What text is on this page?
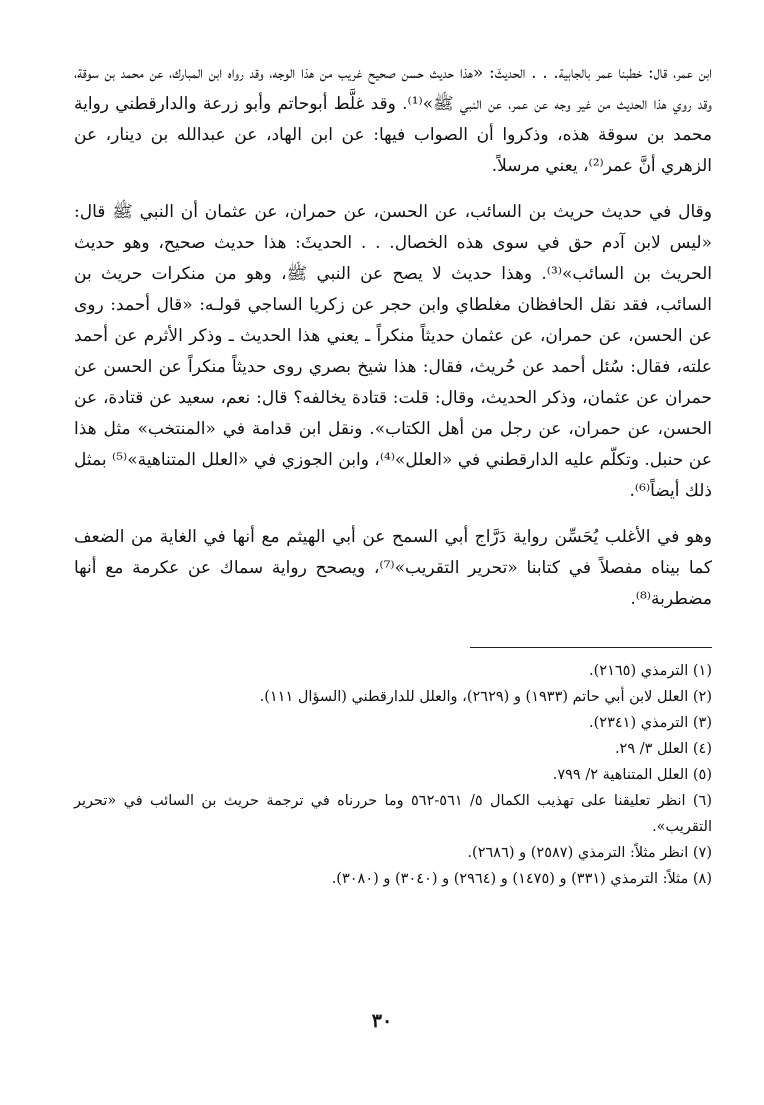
ابن عمر، قال: خطبنا عمر بالجابية. . . الحديثَ: «هذا حديث حسن صحيح غريب من هذا الوجه، وقد رواه ابن المبارك، عن محمد بن سوقة، وقد روي هذا الحديث من غير وجه عن عمر، عن النبي ﷺ»⁽¹⁾. وقد غلَّط أبوحاتم وأبو زرعة والدارقطني رواية محمد بن سوقة هذه، وذكروا أن الصواب فيها: عن ابن الهاد، عن عبدالله بن دينار، عن الزهري أنَّ عمر⁽²⁾، يعني مرسلاً.

وقال في حديث حريث بن السائب، عن الحسن، عن حمران، عن عثمان أن النبي ﷺ قال: «ليس لابن آدم حق في سوى هذه الخصال. . . الحديثَ: هذا حديث صحيح، وهو حديث الحريث بن السائب»⁽³⁾. وهذا حديث لا يصح عن النبي ﷺ، وهو من منكرات حريث بن السائب، فقد نقل الحافظان مغلطاي وابن حجر عن زكريا الساجي قولـه: «قال أحمد: روى عن الحسن، عن حمران، عن عثمان حديثاً منكراً ـ يعني هذا الحديث ـ وذكر الأثرم عن أحمد علته، فقال: سُئل أحمد عن حُريث، فقال: هذا شيخ بصري روى حديثاً منكراً عن الحسن عن حمران عن عثمان، وذكر الحديث، وقال: قلت: قتادة يخالفه؟ قال: نعم، سعيد عن قتادة، عن الحسن، عن حمران، عن رجل من أهل الكتاب». ونقل ابن قدامة في «المنتخب» مثل هذا عن حنبل. وتكلّم عليه الدارقطني في «العلل»⁽⁴⁾، وابن الجوزي في «العلل المتناهية»⁽⁵⁾ بمثل ذلك أيضاً⁽⁶⁾.

وهو في الأغلب يُحَسِّن رواية دَرَّاج أبي السمح عن أبي الهيثم مع أنها في الغاية من الضعف كما بيناه مفصلاً في كتابنا «تحرير التقريب»⁽⁷⁾، ويصحح رواية سماك عن عكرمة مع أنها مضطربة⁽⁸⁾.

(١) الترمذي (٢١٦٥).
(٢) العلل لابن أبي حاتم (١٩٣٣) و (٢٦٢٩)، والعلل للدارقطني (السؤال ١١١).
(٣) الترمذي (٢٣٤١).
(٤) العلل ٣/ ٢٩.
(٥) العلل المتناهية ٢/ ٧٩٩.
(٦) انظر تعليقنا على تهذيب الكمال ٥/ ٥٦١-٥٦٢ وما حررناه في ترجمة حريث بن السائب في «تحرير التقريب».
(٧) انظر مثلاً: الترمذي (٢٥٨٧) و (٢٦٨٦).
(٨) مثلاً: الترمذي (٣٣١) و (١٤٧٥) و (٢٩٦٤) و (٣٠٤٠) و (٣٠٨٠).
٣٠
